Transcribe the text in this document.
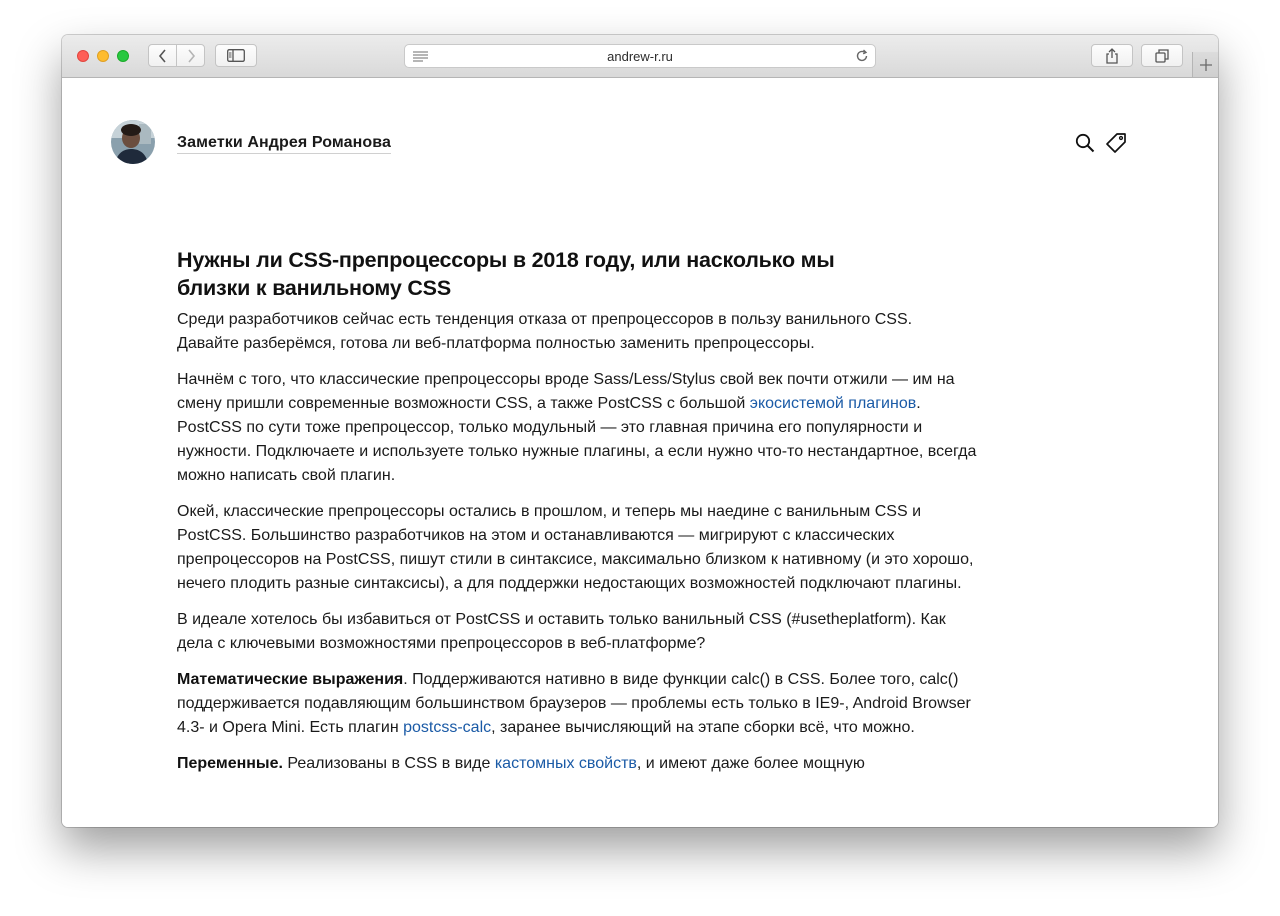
andrew-r.ru
Заметки Андрея Романова
Нужны ли CSS-препроцессоры в 2018 году, или насколько мы
близки к ванильному CSS

Среди разработчиков сейчас есть тенденция отказа от препроцессоров в пользу ванильного CSS. Давайте разберёмся, готова ли веб-платформа полностью заменить препроцессоры.

Начнём с того, что классические препроцессоры вроде Sass/Less/Stylus свой век почти отжили — им на смену пришли современные возможности CSS, а также PostCSS с большой экосистемой плагинов. PostCSS по сути тоже препроцессор, только модульный — это главная причина его популярности и нужности. Подключаете и используете только нужные плагины, а если нужно что-то нестандартное, всегда можно написать свой плагин.

Окей, классические препроцессоры остались в прошлом, и теперь мы наедине с ванильным CSS и PostCSS. Большинство разработчиков на этом и останавливаются — мигрируют с классических препроцессоров на PostCSS, пишут стили в синтаксисе, максимально близком к нативному (и это хорошо, нечего плодить разные синтаксисы), а для поддержки недостающих возможностей подключают плагины.

В идеале хотелось бы избавиться от PostCSS и оставить только ванильный CSS (#usetheplatform). Как дела с ключевыми возможностями препроцессоров в веб-платформе?

Математические выражения. Поддерживаются нативно в виде функции calc() в CSS. Более того, calc() поддерживается подавляющим большинством браузеров — проблемы есть только в IE9-, Android Browser 4.3- и Opera Mini. Есть плагин postcss-calc, заранее вычисляющий на этапе сборки всё, что можно.

Переменные. Реализованы в CSS в виде кастомных свойств, и имеют даже более мощную
